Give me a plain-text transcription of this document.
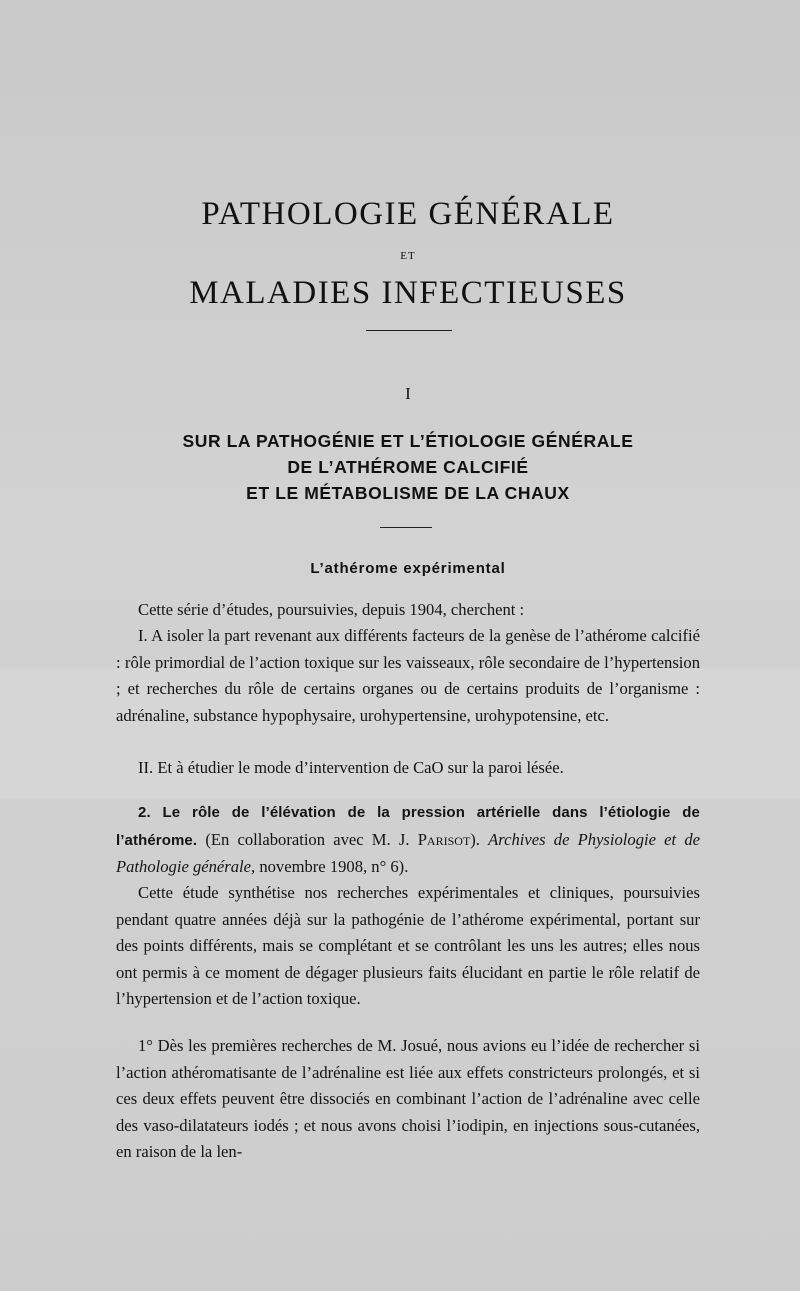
PATHOLOGIE GÉNÉRALE
ET
MALADIES INFECTIEUSES
I
SUR LA PATHOGÉNIE ET L’ÉTIOLOGIE GÉNÉRALE
DE L’ATHÉROME CALCIFIÉ
ET LE MÉTABOLISME DE LA CHAUX
L’athérome expérimental

Cette série d’études, poursuivies, depuis 1904, cherchent :

I. A isoler la part revenant aux différents facteurs de la genèse de l’athérome calcifié : rôle primordial de l’action toxique sur les vaisseaux, rôle secondaire de l’hypertension ; et recherches du rôle de certains organes ou de certains produits de l’organisme : adrénaline, substance hypophysaire, urohypertensine, urohypotensine, etc.

II. Et à étudier le mode d’intervention de CaO sur la paroi lésée.

2. Le rôle de l’élévation de la pression artérielle dans l’étiologie de l’athérome. (En collaboration avec M. J. Parisot). Archives de Physiologie et de Pathologie générale, novembre 1908, n° 6).

Cette étude synthétise nos recherches expérimentales et cliniques, poursuivies pendant quatre années déjà sur la pathogénie de l’athérome expérimental, portant sur des points différents, mais se complétant et se contrôlant les uns les autres; elles nous ont permis à ce moment de dégager plusieurs faits élucidant en partie le rôle relatif de l’hypertension et de l’action toxique.

1° Dès les premières recherches de M. Josué, nous avions eu l’idée de rechercher si l’action athéromatisante de l’adrénaline est liée aux effets constricteurs prolongés, et si ces deux effets peuvent être dissociés en combinant l’action de l’adrénaline avec celle des vaso-dilatateurs iodés ; et nous avons choisi l’iodipin, en injections sous-cutanées, en raison de la len-
